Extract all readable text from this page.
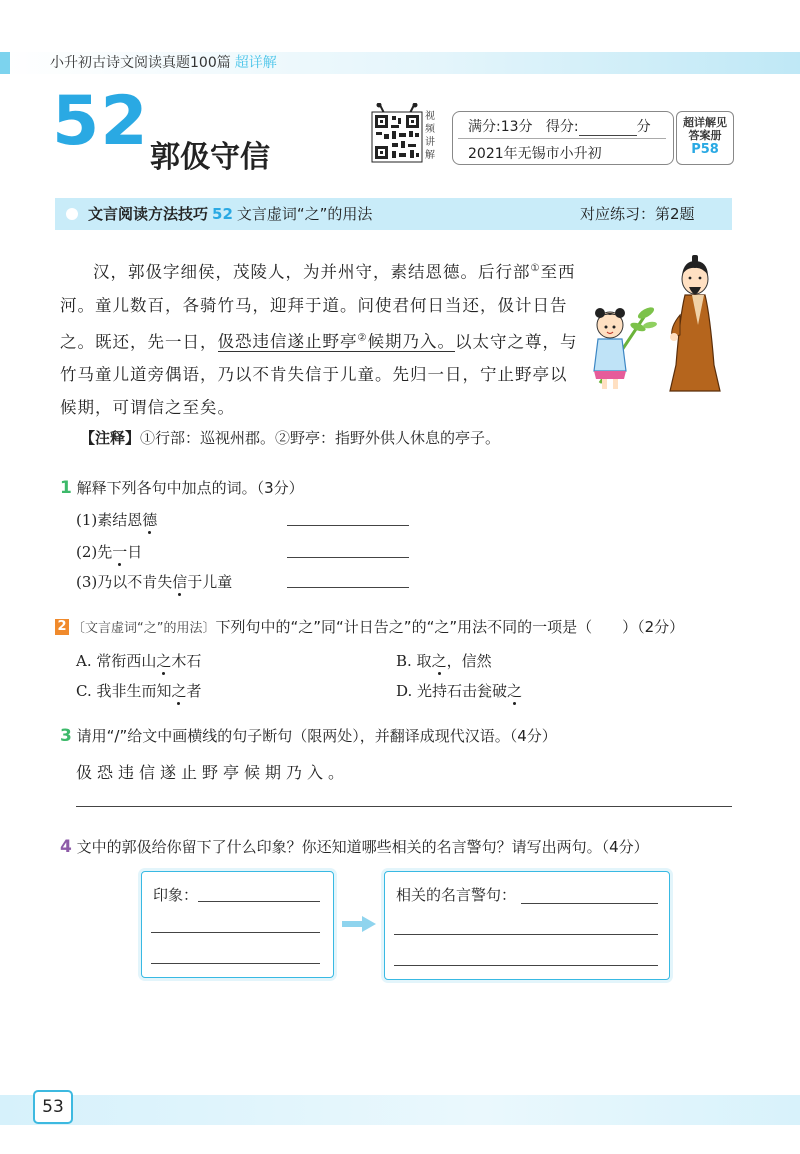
小升初古诗文阅读真题100篇 超详解
52 郭伋守信
视频讲解
满分:13分 得分:	分
2021年无锡市小升初
超详解见
答案册
P58
文言阅读方法技巧 52 文言虚词“之”的用法	对应练习：第2题
汉，郭伋字细侯，茂陵人，为并州守，素结恩德。后行部①至西河。童儿数百，各骑竹马，迎拜于道。问使君何日当还，伋计日告之。既还，先一日，伋恐违信遂止野亭②候期乃入。以太守之尊，与竹马童儿道旁偶语，乃以不肯失信于儿童。先归一日，宁止野亭以候期，可谓信之至矣。
【注释】①行部：巡视州郡。②野亭：指野外供人休息的亭子。
1 解释下列各句中加点的词。（3分）
(1)素结恩德
(2)先一日
(3)乃以不肯失信于儿童
2 〔文言虚词“之”的用法〕下列句中的“之”同“计日告之”的“之”用法不同的一项是（　　）（2分）
A. 常衔西山之木石	B. 取之，信然
C. 我非生而知之者	D. 光持石击瓮破之
3 请用“/”给文中画横线的句子断句（限两处），并翻译成现代汉语。（4分）
伋恐违信遂止野亭候期乃入。
4 文中的郭伋给你留下了什么印象？你还知道哪些相关的名言警句？请写出两句。（4分）
印象：	相关的名言警句：
53
